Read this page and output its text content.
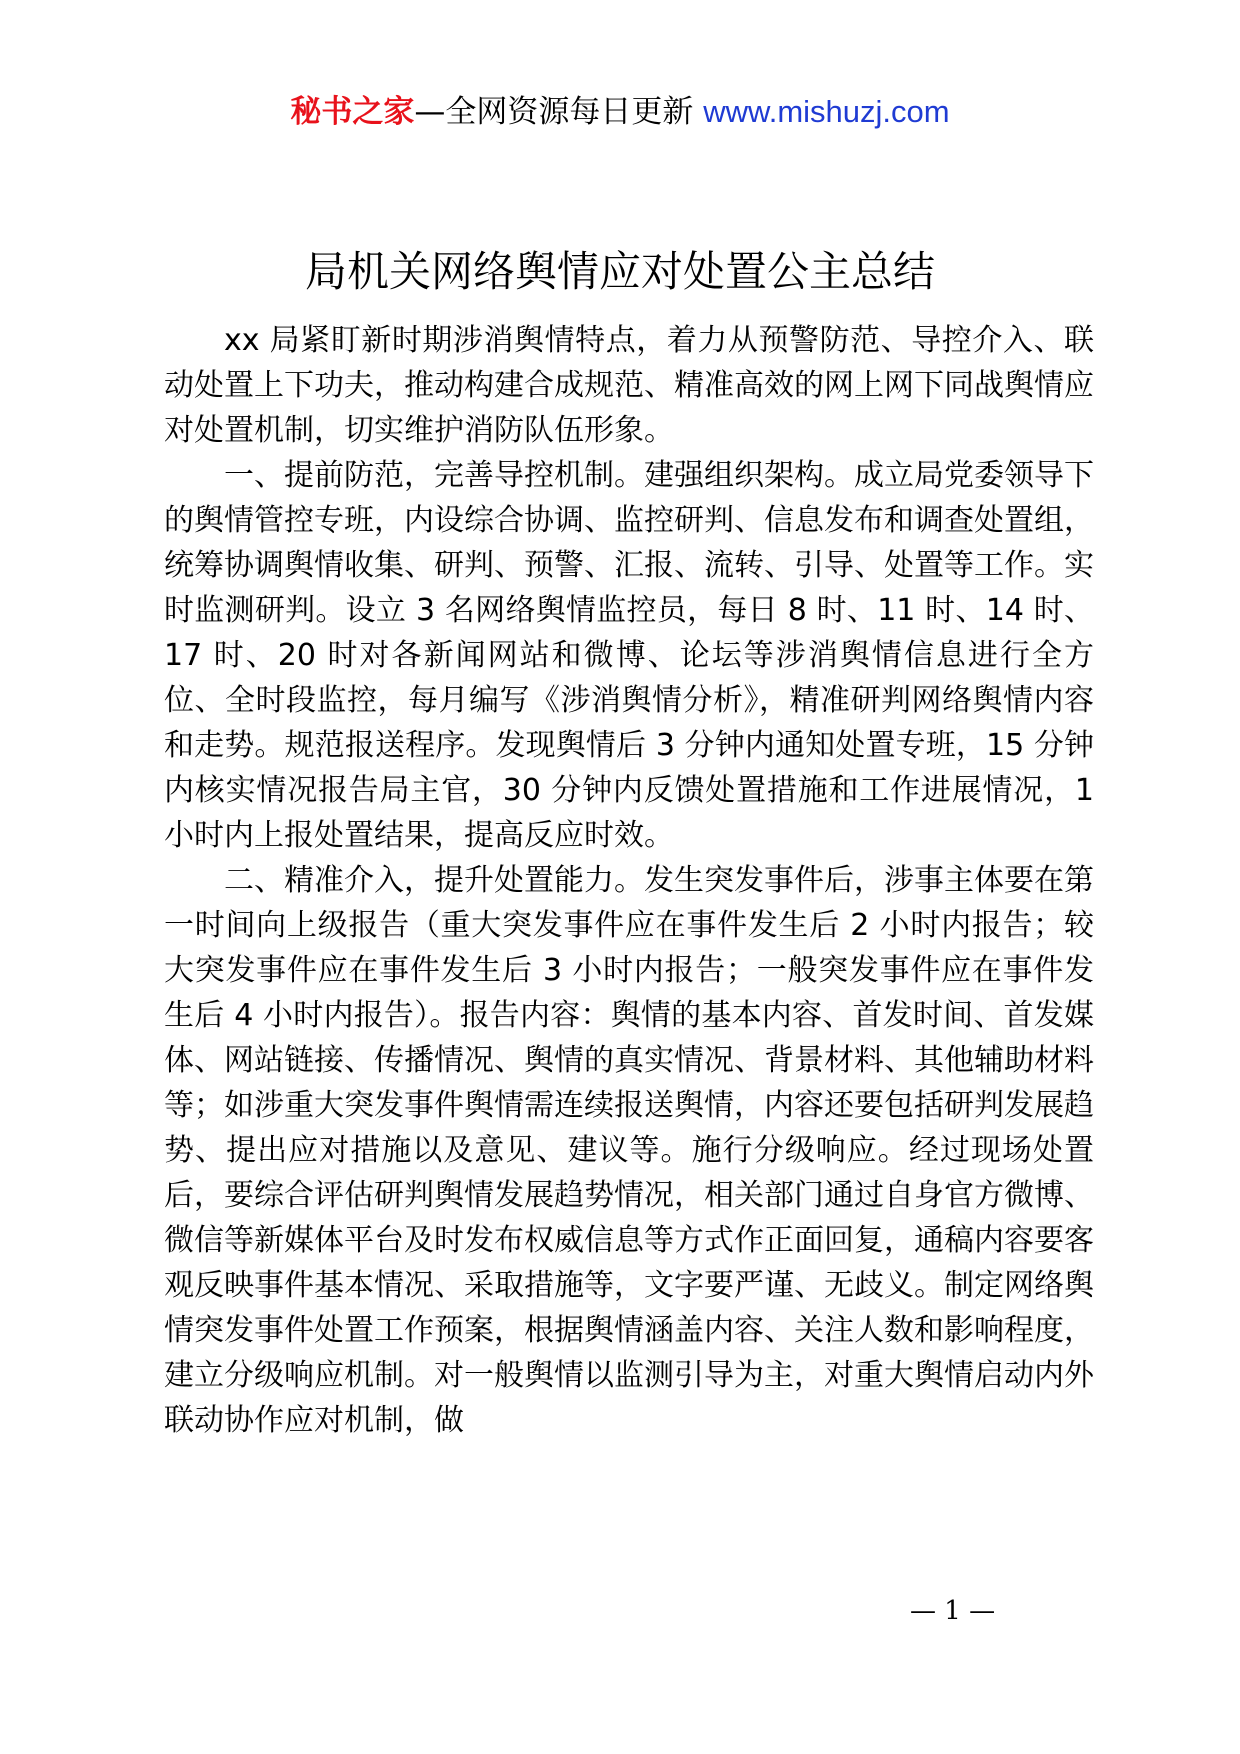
秘书之家—全网资源每日更新 www.mishuzj.com
局机关网络舆情应对处置公主总结

xx 局紧盯新时期涉消舆情特点，着力从预警防范、导控介入、联动处置上下功夫，推动构建合成规范、精准高效的网上网下同战舆情应对处置机制，切实维护消防队伍形象。

一、提前防范，完善导控机制。建强组织架构。成立局党委领导下的舆情管控专班，内设综合协调、监控研判、信息发布和调查处置组，统筹协调舆情收集、研判、预警、汇报、流转、引导、处置等工作。实时监测研判。设立 3 名网络舆情监控员，每日 8 时、11 时、14 时、17 时、20 时对各新闻网站和微博、论坛等涉消舆情信息进行全方位、全时段监控，每月编写《涉消舆情分析》，精准研判网络舆情内容和走势。规范报送程序。发现舆情后 3 分钟内通知处置专班，15 分钟内核实情况报告局主官，30 分钟内反馈处置措施和工作进展情况，1 小时内上报处置结果，提高反应时效。

二、精准介入，提升处置能力。发生突发事件后，涉事主体要在第一时间向上级报告（重大突发事件应在事件发生后 2 小时内报告；较大突发事件应在事件发生后 3 小时内报告；一般突发事件应在事件发生后 4 小时内报告）。报告内容：舆情的基本内容、首发时间、首发媒体、网站链接、传播情况、舆情的真实情况、背景材料、其他辅助材料等；如涉重大突发事件舆情需连续报送舆情，内容还要包括研判发展趋势、提出应对措施以及意见、建议等。施行分级响应。经过现场处置后，要综合评估研判舆情发展趋势情况，相关部门通过自身官方微博、微信等新媒体平台及时发布权威信息等方式作正面回复，通稿内容要客观反映事件基本情况、采取措施等，文字要严谨、无歧义。制定网络舆情突发事件处置工作预案，根据舆情涵盖内容、关注人数和影响程度，建立分级响应机制。对一般舆情以监测引导为主，对重大舆情启动内外联动协作应对机制，做

— 1 —
